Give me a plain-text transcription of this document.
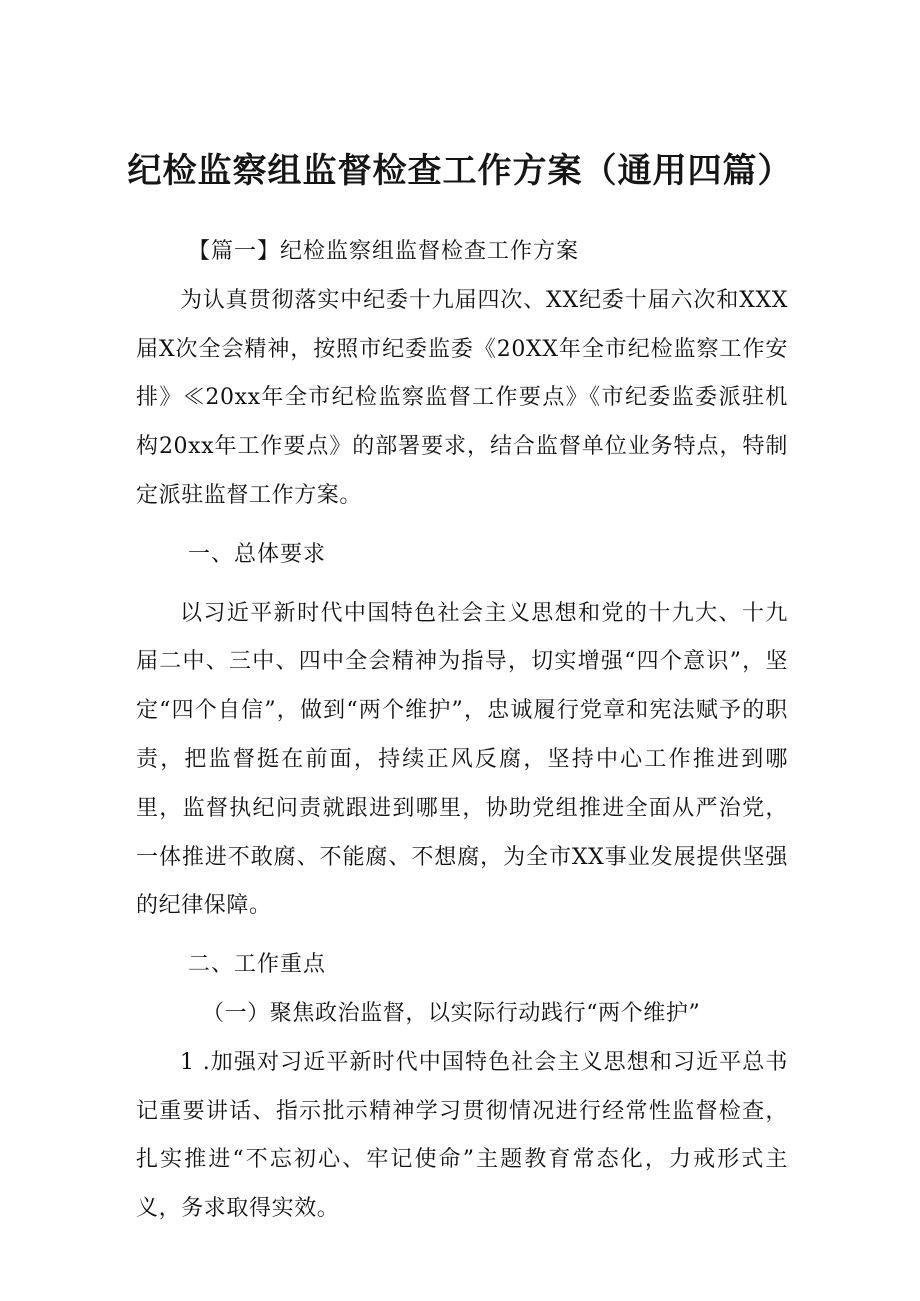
纪检监察组监督检查工作方案（通用四篇）

【篇一】纪检监察组监督检查工作方案

为认真贯彻落实中纪委十九届四次、XX纪委十届六次和XXX届X次全会精神，按照市纪委监委《20XX年全市纪检监察工作安排》≪20xx年全市纪检监察监督工作要点》《市纪委监委派驻机构20xx年工作要点》的部署要求，结合监督单位业务特点，特制定派驻监督工作方案。

一、总体要求

以习近平新时代中国特色社会主义思想和党的十九大、十九届二中、三中、四中全会精神为指导，切实增强“四个意识”，坚定“四个自信”，做到“两个维护”，忠诚履行党章和宪法赋予的职责，把监督挺在前面，持续正风反腐，坚持中心工作推进到哪里，监督执纪问责就跟进到哪里，协助党组推进全面从严治党，一体推进不敢腐、不能腐、不想腐，为全市XX事业发展提供坚强的纪律保障。

二、工作重点

（一）聚焦政治监督，以实际行动践行“两个维护”

1 .加强对习近平新时代中国特色社会主义思想和习近平总书记重要讲话、指示批示精神学习贯彻情况进行经常性监督检查，扎实推进“不忘初心、牢记使命”主题教育常态化，力戒形式主义，务求取得实效。
